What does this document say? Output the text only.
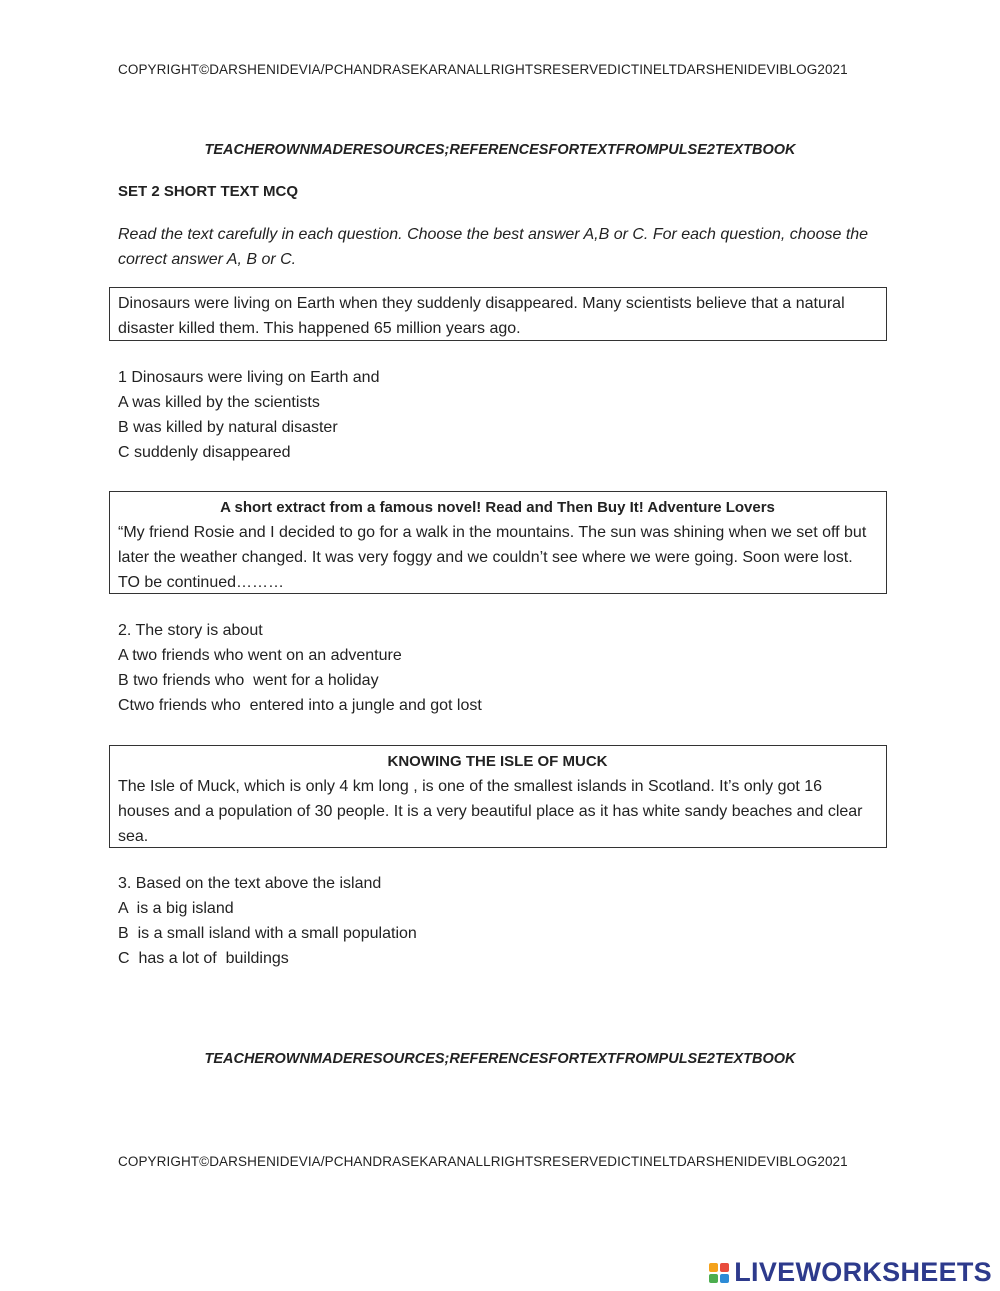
COPYRIGHT©DARSHENIDEVIA/PCHANDRASEKARANALLRIGHTSRESERVEDICTINELTDARSHENIDEVIBLOG2021
TEACHEROWNMADERESOURCES;REFERENCESFORTEXTFROMPULSE2TEXTBOOK
SET 2 SHORT TEXT MCQ
Read the text carefully in each question. Choose the best answer A,B or C. For each question, choose the correct answer A, B or C.
Dinosaurs were living on Earth when they suddenly disappeared. Many scientists believe that a natural disaster killed them. This happened 65 million years ago.
1 Dinosaurs were living on Earth and
A was killed by the scientists
B was killed by natural disaster
C suddenly disappeared
A short extract from a famous novel! Read and Then Buy It! Adventure Lovers
“My friend Rosie and I decided to go for a walk in the mountains. The sun was shining when we set off but later the weather changed. It was very foggy and we couldn’t see where we were going. Soon were lost. TO be continued………
2. The story is about
A two friends who went on an adventure
B two friends who  went for a holiday
Ctwo friends who  entered into a jungle and got lost
KNOWING THE ISLE OF MUCK
The Isle of Muck, which is only 4 km long , is one of the smallest islands in Scotland. It’s only got 16 houses and a population of 30 people. It is a very beautiful place as it has white sandy beaches and clear sea.
3. Based on the text above the island
A  is a big island
B  is a small island with a small population
C  has a lot of  buildings
TEACHEROWNMADERESOURCES;REFERENCESFORTEXTFROMPULSE2TEXTBOOK
COPYRIGHT©DARSHENIDEVIA/PCHANDRASEKARANALLRIGHTSRESERVEDICTINELTDARSHENIDEVIBLOG2021
LIVEWORKSHEETS
